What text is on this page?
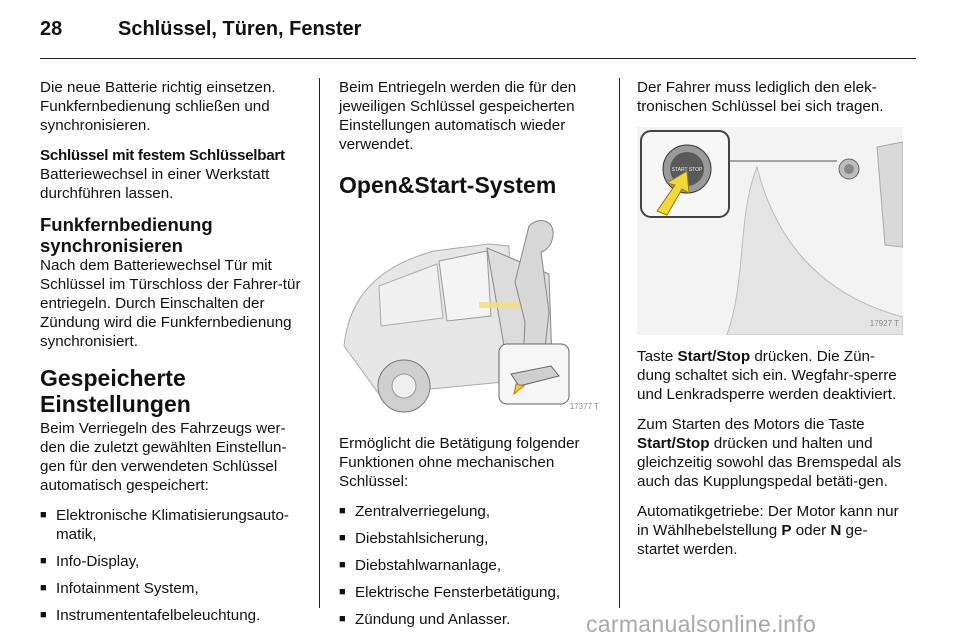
28	Schlüssel, Türen, Fenster

Die neue Batterie richtig einsetzen. Funkfernbedienung schließen und synchronisieren.

Schlüssel mit festem Schlüsselbart

Batteriewechsel in einer Werkstatt durchführen lassen.

Funkfernbedienung synchronisieren

Nach dem Batteriewechsel Tür mit Schlüssel im Türschloss der Fahrer-tür entriegeln. Durch Einschalten der Zündung wird die Funkfernbedienung synchronisiert.

Gespeicherte Einstellungen

Beim Verriegeln des Fahrzeugs wer-den die zuletzt gewählten Einstellun-gen für den verwendeten Schlüssel automatisch gespeichert:

■ Elektronische Klimatisierungsauto-matik,
■ Info-Display,
■ Infotainment System,
■ Instrumententafelbeleuchtung.

Beim Entriegeln werden die für den jeweiligen Schlüssel gespeicherten Einstellungen automatisch wieder verwendet.

Open&Start-System
17377 T

Ermöglicht die Betätigung folgender Funktionen ohne mechanischen Schlüssel:

■ Zentralverriegelung,
■ Diebstahlsicherung,
■ Diebstahlwarnanlage,
■ Elektrische Fensterbetätigung,
■ Zündung und Anlasser.

Der Fahrer muss lediglich den elek-tronischen Schlüssel bei sich tragen.

START STOP
17927 T

Taste Start/Stop drücken. Die Zün-dung schaltet sich ein. Wegfahr-sperre und Lenkradsperre werden deaktiviert.

Zum Starten des Motors die Taste Start/Stop drücken und halten und gleichzeitig sowohl das Bremspedal als auch das Kupplungspedal betäti-gen.

Automatikgetriebe: Der Motor kann nur in Wählhebelstellung P oder N ge-startet werden.

carmanualsonline.info
